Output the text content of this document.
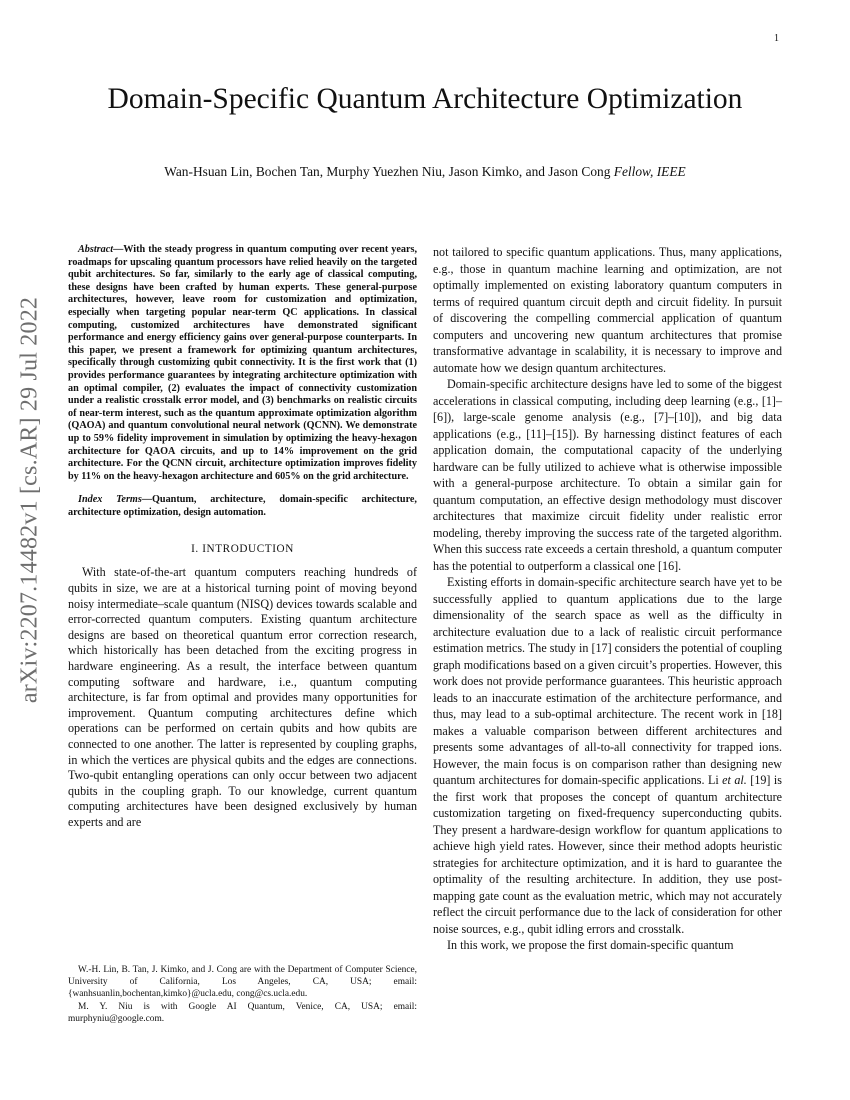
1
arXiv:2207.14482v1 [cs.AR] 29 Jul 2022
Domain-Specific Quantum Architecture Optimization
Wan-Hsuan Lin, Bochen Tan, Murphy Yuezhen Niu, Jason Kimko, and Jason Cong Fellow, IEEE

Abstract—With the steady progress in quantum computing over recent years, roadmaps for upscaling quantum processors have relied heavily on the targeted qubit architectures. So far, similarly to the early age of classical computing, these designs have been crafted by human experts. These general-purpose architectures, however, leave room for customization and optimization, especially when targeting popular near-term QC applications. In classical computing, customized architectures have demonstrated significant performance and energy efficiency gains over general-purpose counterparts. In this paper, we present a framework for optimizing quantum architectures, specifically through customizing qubit connectivity. It is the first work that (1) provides performance guarantees by integrating architecture optimization with an optimal compiler, (2) evaluates the impact of connectivity customization under a realistic crosstalk error model, and (3) benchmarks on realistic circuits of near-term interest, such as the quantum approximate optimization algorithm (QAOA) and quantum convolutional neural network (QCNN). We demonstrate up to 59% fidelity improvement in simulation by optimizing the heavy-hexagon architecture for QAOA circuits, and up to 14% improvement on the grid architecture. For the QCNN circuit, architecture optimization improves fidelity by 11% on the heavy-hexagon architecture and 605% on the grid architecture.

Index Terms—Quantum, architecture, domain-specific architecture, architecture optimization, design automation.

I. INTRODUCTION

With state-of-the-art quantum computers reaching hundreds of qubits in size, we are at a historical turning point of moving beyond noisy intermediate–scale quantum (NISQ) devices towards scalable and error-corrected quantum computers. Existing quantum architecture designs are based on theoretical quantum error correction research, which historically has been detached from the exciting progress in hardware engineering. As a result, the interface between quantum computing software and hardware, i.e., quantum computing architecture, is far from optimal and provides many opportunities for improvement. Quantum computing architectures define which operations can be performed on certain qubits and how qubits are connected to one another. The latter is represented by coupling graphs, in which the vertices are physical qubits and the edges are connections. Two-qubit entangling operations can only occur between two adjacent qubits in the coupling graph. To our knowledge, current quantum computing architectures have been designed exclusively by human experts and are

W.-H. Lin, B. Tan, J. Kimko, and J. Cong are with the Department of Computer Science, University of California, Los Angeles, CA, USA; email: {wanhsuanlin,bochentan,kimko}@ucla.edu, cong@cs.ucla.edu.

M. Y. Niu is with Google AI Quantum, Venice, CA, USA; email: murphyniu@google.com.

not tailored to specific quantum applications. Thus, many applications, e.g., those in quantum machine learning and optimization, are not optimally implemented on existing laboratory quantum computers in terms of required quantum circuit depth and circuit fidelity. In pursuit of discovering the compelling commercial application of quantum computers and uncovering new quantum architectures that promise transformative advantage in scalability, it is necessary to improve and automate how we design quantum architectures.

Domain-specific architecture designs have led to some of the biggest accelerations in classical computing, including deep learning (e.g., [1]–[6]), large-scale genome analysis (e.g., [7]–[10]), and big data applications (e.g., [11]–[15]). By harnessing distinct features of each application domain, the computational capacity of the underlying hardware can be fully utilized to achieve what is otherwise impossible with a general-purpose architecture. To obtain a similar gain for quantum computation, an effective design methodology must discover architectures that maximize circuit fidelity under realistic error modeling, thereby improving the success rate of the targeted algorithm. When this success rate exceeds a certain threshold, a quantum computer has the potential to outperform a classical one [16].

Existing efforts in domain-specific architecture search have yet to be successfully applied to quantum applications due to the large dimensionality of the search space as well as the difficulty in architecture evaluation due to a lack of realistic circuit performance estimation metrics. The study in [17] considers the potential of coupling graph modifications based on a given circuit’s properties. However, this work does not provide performance guarantees. This heuristic approach leads to an inaccurate estimation of the architecture performance, and thus, may lead to a sub-optimal architecture. The recent work in [18] makes a valuable comparison between different architectures and presents some advantages of all-to-all connectivity for trapped ions. However, the main focus is on comparison rather than designing new quantum architectures for domain-specific applications. Li et al. [19] is the first work that proposes the concept of quantum architecture customization targeting on fixed-frequency superconducting qubits. They present a hardware-design workflow for quantum applications to achieve high yield rates. However, since their method adopts heuristic strategies for architecture optimization, and it is hard to guarantee the optimality of the resulting architecture. In addition, they use post-mapping gate count as the evaluation metric, which may not accurately reflect the circuit performance due to the lack of consideration for other noise sources, e.g., qubit idling errors and crosstalk.

In this work, we propose the first domain-specific quantum
